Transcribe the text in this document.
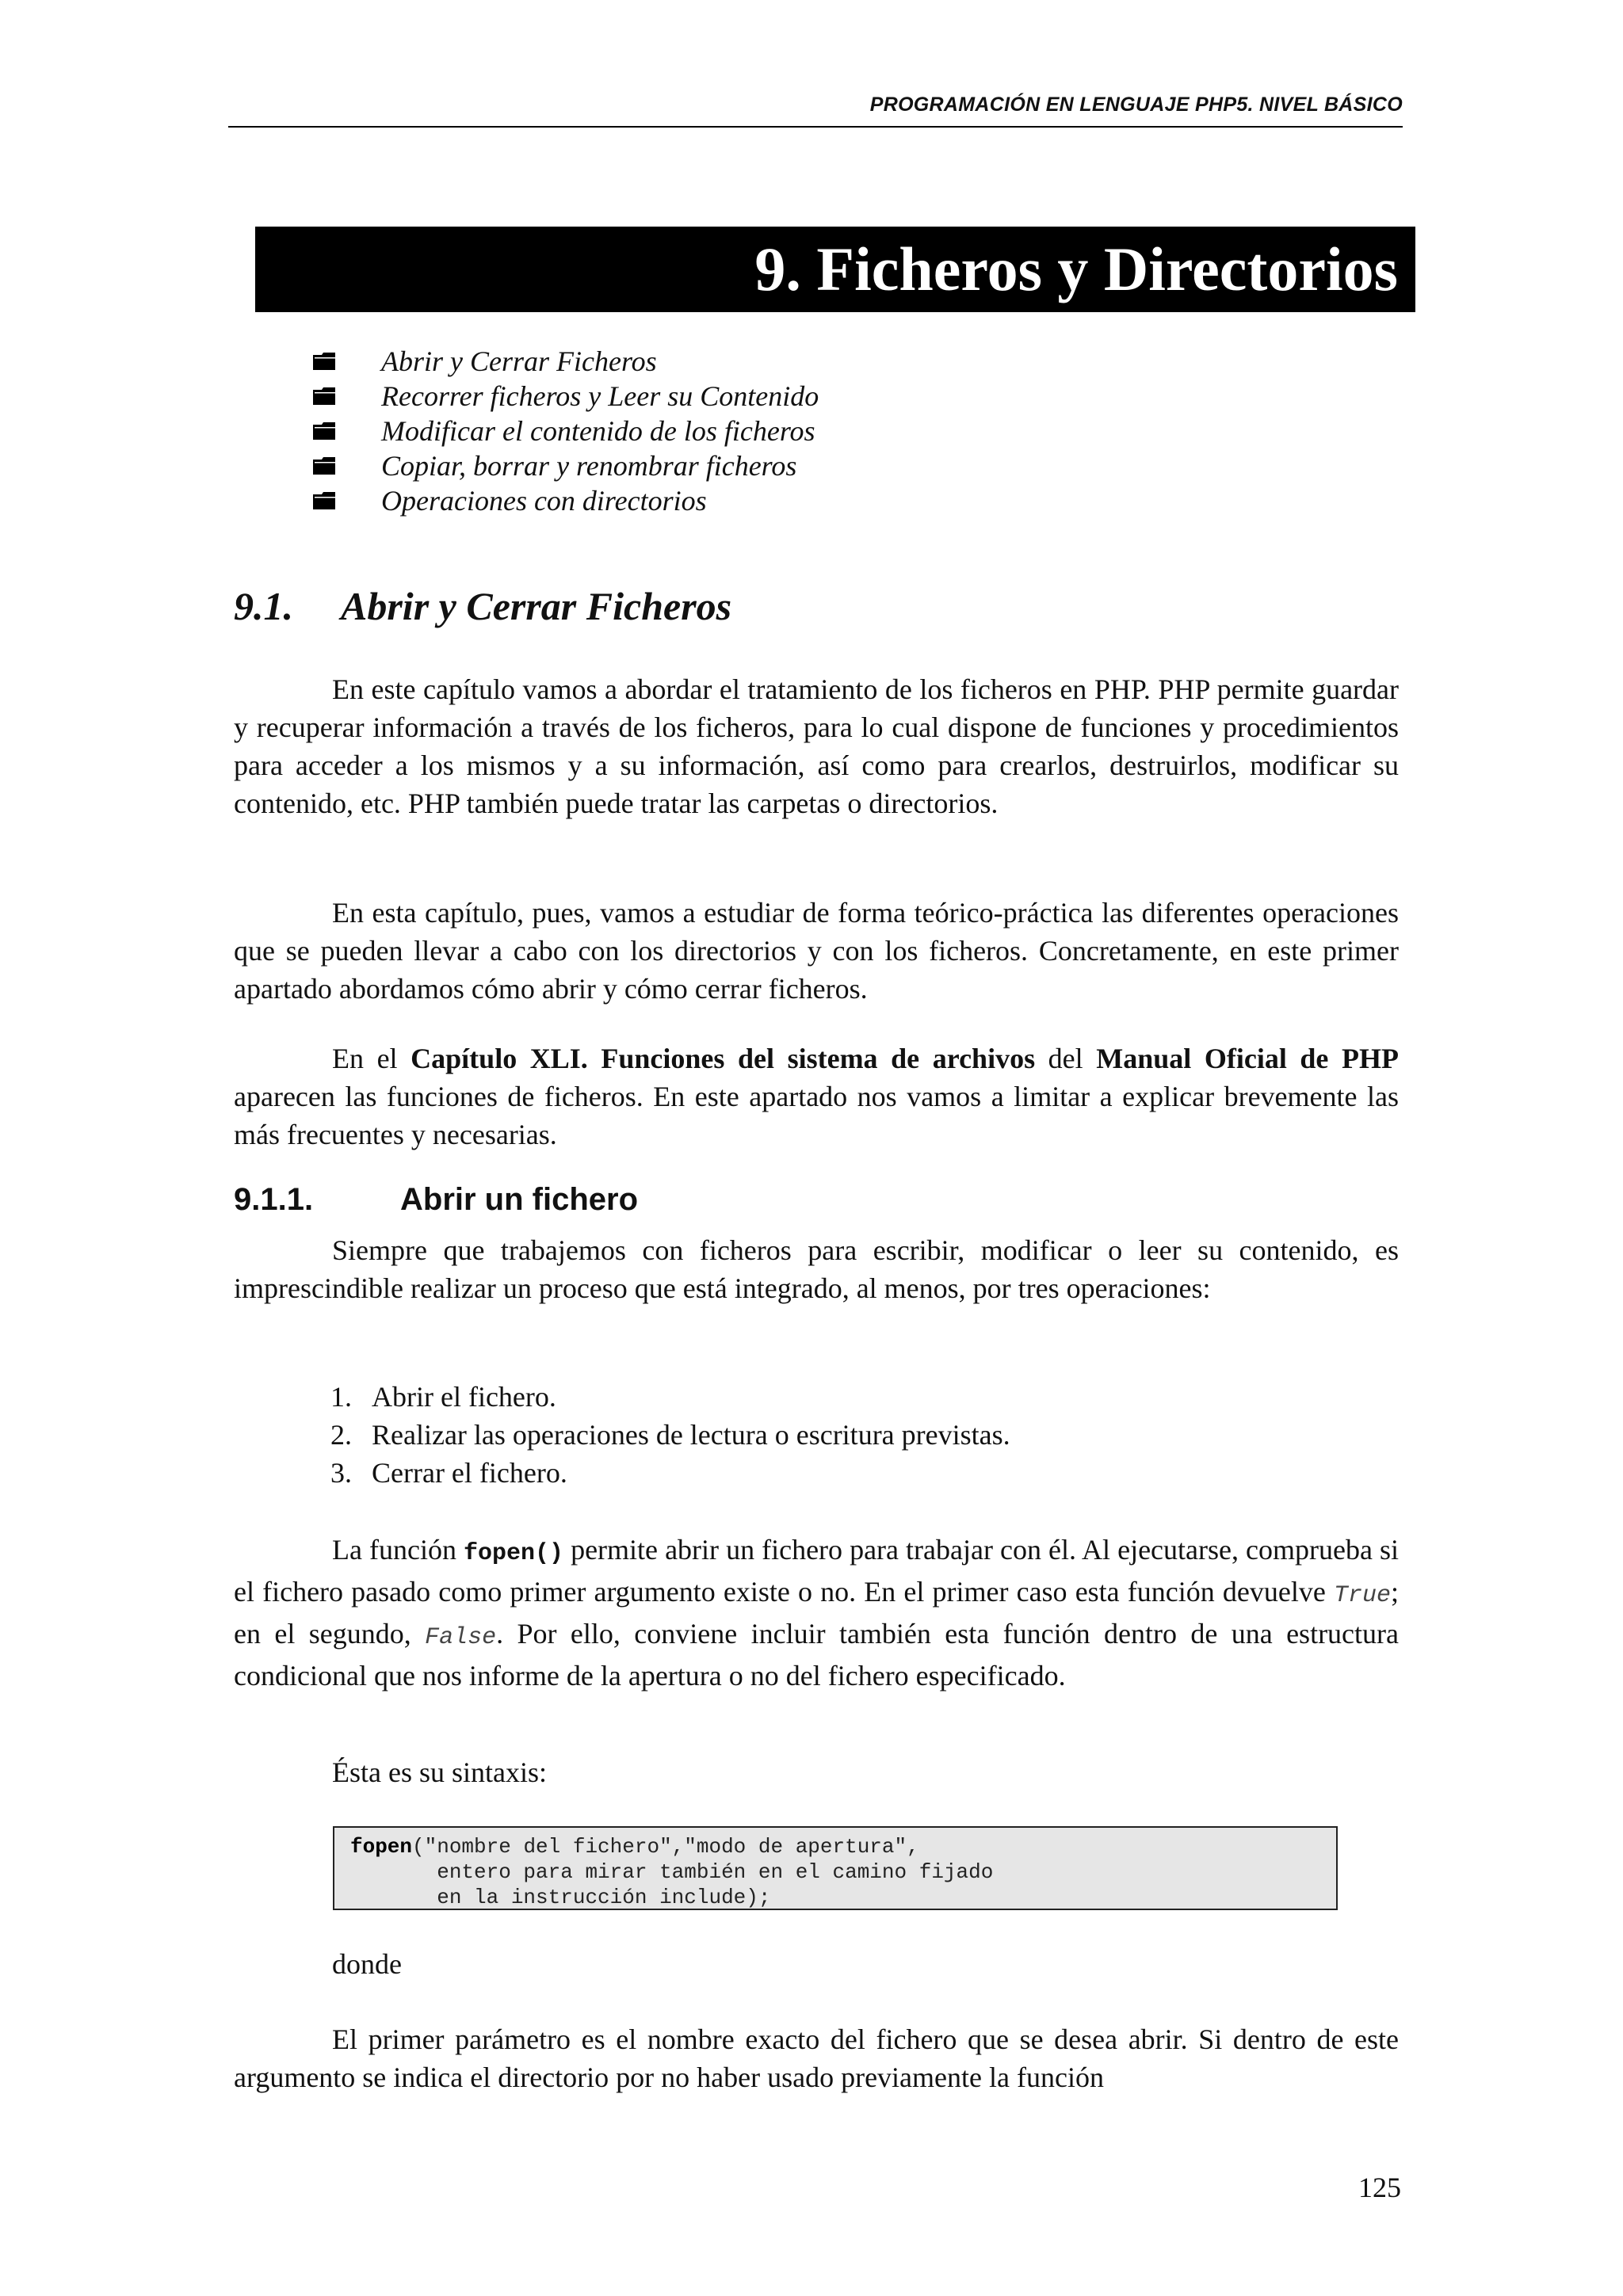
PROGRAMACIÓN EN LENGUAJE PHP5. NIVEL BÁSICO
9. Ficheros y Directorios
Abrir y Cerrar Ficheros
Recorrer ficheros y Leer su Contenido
Modificar el contenido de los ficheros
Copiar, borrar y renombrar ficheros
Operaciones con directorios
9.1. Abrir y Cerrar Ficheros

En este capítulo vamos a abordar el tratamiento de los ficheros en PHP. PHP permite guardar y recuperar información a través de los ficheros, para lo cual dispone de funciones y procedimientos para acceder a los mismos y a su información, así como para crearlos, destruirlos, modificar su contenido, etc. PHP también puede tratar las carpetas o directorios.

En esta capítulo, pues, vamos a estudiar de forma teórico-práctica las diferentes operaciones que se pueden llevar a cabo con los directorios y con los ficheros. Concretamente, en este primer apartado abordamos cómo abrir y cómo cerrar ficheros.

En el Capítulo XLI. Funciones del sistema de archivos del Manual Oficial de PHP aparecen las funciones de ficheros. En este apartado nos vamos a limitar a explicar brevemente las más frecuentes y necesarias.

9.1.1.	Abrir un fichero

Siempre que trabajemos con ficheros para escribir, modificar o leer su contenido, es imprescindible realizar un proceso que está integrado, al menos, por tres operaciones:

1. Abrir el fichero.
2. Realizar las operaciones de lectura o escritura previstas.
3. Cerrar el fichero.

La función fopen() permite abrir un fichero para trabajar con él. Al ejecutarse, comprueba si el fichero pasado como primer argumento existe o no. En el primer caso esta función devuelve True; en el segundo, False. Por ello, conviene incluir también esta función dentro de una estructura condicional que nos informe de la apertura o no del fichero especificado.

Ésta es su sintaxis:

fopen("nombre del fichero","modo de apertura",
entero para mirar también en el camino fijado
en la instrucción include);

donde

El primer parámetro es el nombre exacto del fichero que se desea abrir. Si dentro de este argumento se indica el directorio por no haber usado previamente la función

125
